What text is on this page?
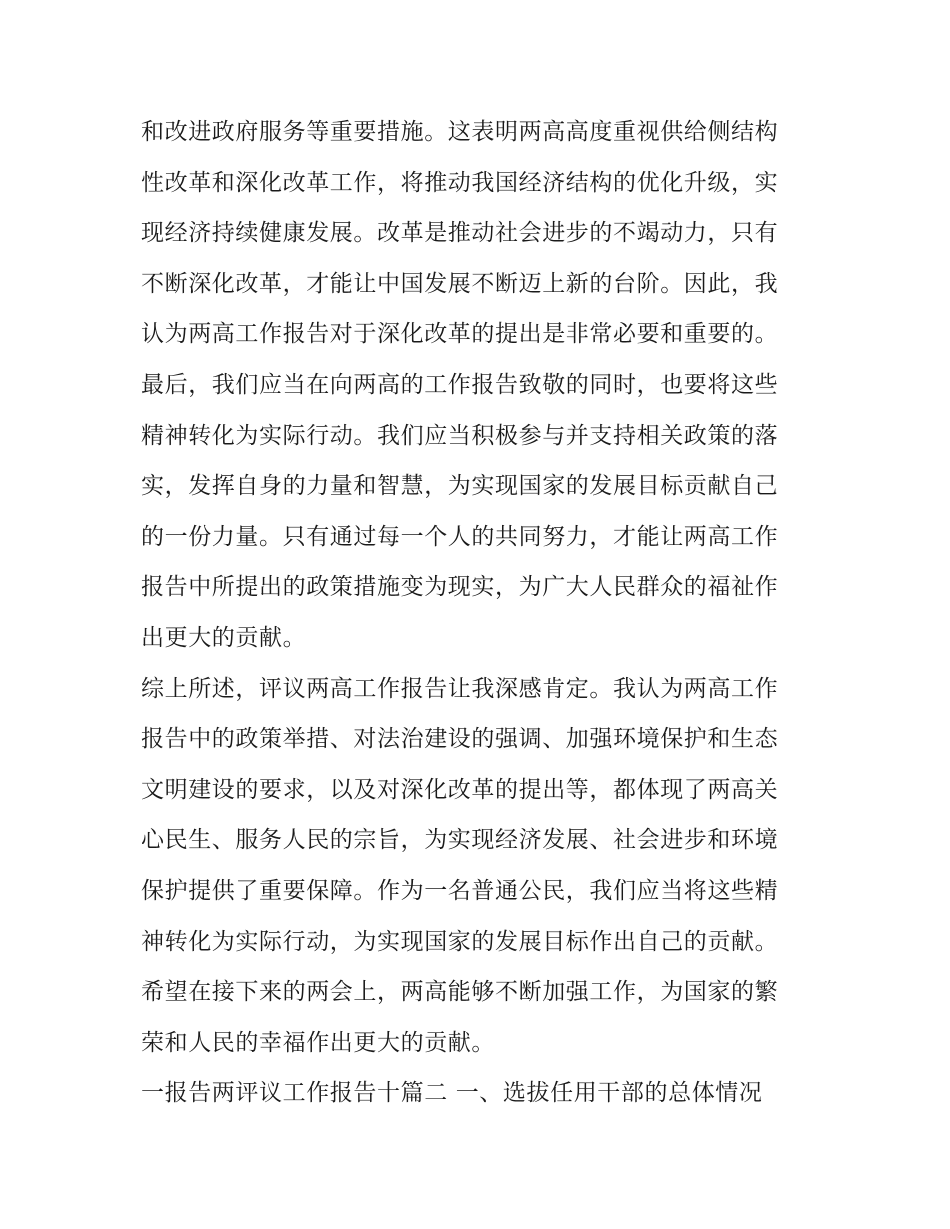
和改进政府服务等重要措施。这表明两高高度重视供给侧结构
性改革和深化改革工作，将推动我国经济结构的优化升级，实
现经济持续健康发展。改革是推动社会进步的不竭动力，只有
不断深化改革，才能让中国发展不断迈上新的台阶。因此，我
认为两高工作报告对于深化改革的提出是非常必要和重要的。
最后，我们应当在向两高的工作报告致敬的同时，也要将这些
精神转化为实际行动。我们应当积极参与并支持相关政策的落
实，发挥自身的力量和智慧，为实现国家的发展目标贡献自己
的一份力量。只有通过每一个人的共同努力，才能让两高工作
报告中所提出的政策措施变为现实，为广大人民群众的福祉作
出更大的贡献。
综上所述，评议两高工作报告让我深感肯定。我认为两高工作
报告中的政策举措、对法治建设的强调、加强环境保护和生态
文明建设的要求，以及对深化改革的提出等，都体现了两高关
心民生、服务人民的宗旨，为实现经济发展、社会进步和环境
保护提供了重要保障。作为一名普通公民，我们应当将这些精
神转化为实际行动，为实现国家的发展目标作出自己的贡献。
希望在接下来的两会上，两高能够不断加强工作，为国家的繁
荣和人民的幸福作出更大的贡献。
一报告两评议工作报告十篇二 一、选拔任用干部的总体情况
